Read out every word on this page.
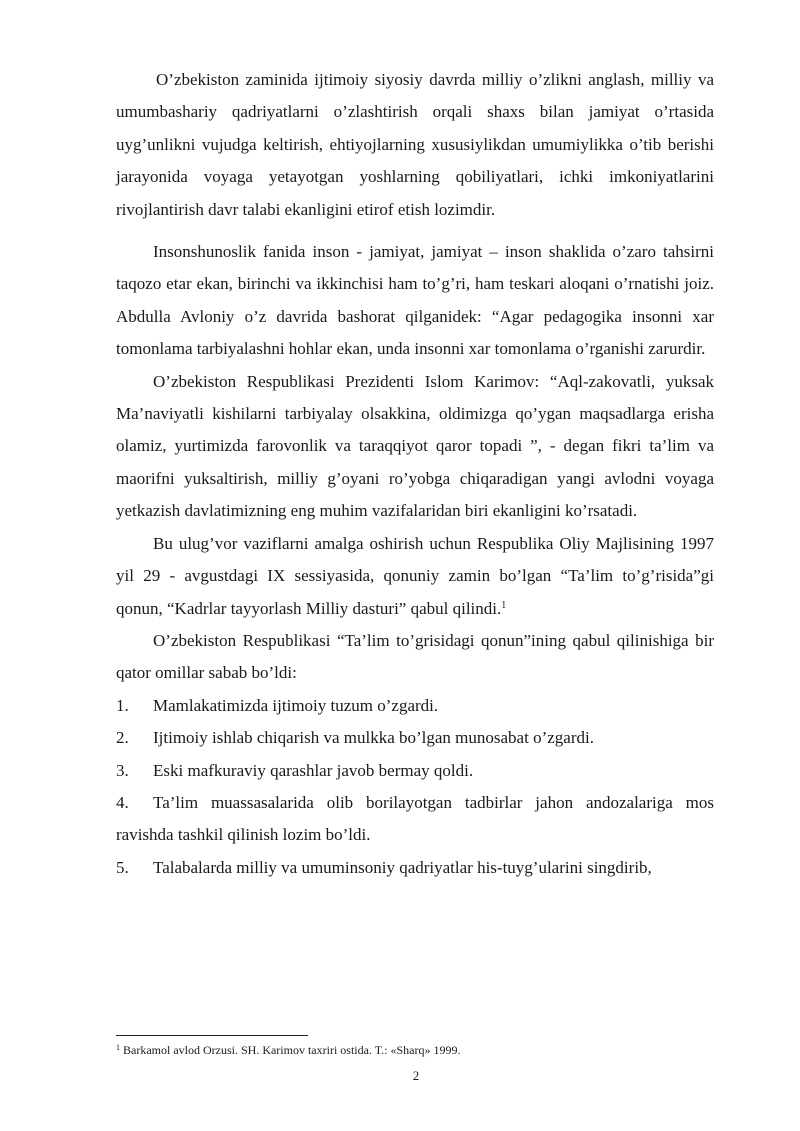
O’zbekiston zaminida ijtimoiy siyosiy davrda milliy o’zlikni anglash, milliy va umumbashariy qadriyatlarni o’zlashtirish orqali shaxs bilan jamiyat o’rtasida uyg’unlikni vujudga keltirish, ehtiyojlarning xususiylikdan umumiylikka o’tib berishi jarayonida voyaga yetayotgan yoshlarning qobiliyatlari, ichki imkoniyatlarini rivojlantirish davr talabi ekanligini etirof etish lozimdir.

Insonshunoslik fanida inson - jamiyat, jamiyat – inson shaklida o’zaro tahsirni taqozo etar ekan, birinchi va ikkinchisi ham to’g’ri, ham teskari aloqani o’rnatishi joiz. Abdulla Avloniy o’z davrida bashorat qilganidek: “Agar pedagogika insonni xar tomonlama tarbiyalashni hohlar ekan, unda insonni xar tomonlama o’rganishi zarurdir.

O’zbekiston Respublikasi Prezidenti Islom Karimov: “Aql-zakovatli, yuksak Ma’naviyatli kishilarni tarbiyalay olsakkina, oldimizga qo’ygan maqsadlarga erisha olamiz, yurtimizda farovonlik va taraqqiyot qaror topadi ”, - degan fikri ta’lim va maorifni yuksaltirish, milliy g’oyani ro’yobga chiqaradigan yangi avlodni voyaga yetkazish davlatimizning eng muhim vazifalaridan biri ekanligini ko’rsatadi.

Bu ulug’vor vaziflarni amalga oshirish uchun Respublika Oliy Majlisining 1997 yil 29 - avgustdagi IX sessiyasida, qonuniy zamin bo’lgan “Ta’lim to’g’risida”gi qonun, “Kadrlar tayyorlash Milliy dasturi” qabul qilindi.$^1$

O’zbekiston Respublikasi “Ta’lim to’grisidagi qonun”ining qabul qilinishiga bir qator omillar sabab bo’ldi:

1. Mamlakatimizda ijtimoiy tuzum o’zgardi.

2. Ijtimoiy ishlab chiqarish va mulkka bo’lgan munosabat o’zgardi.

3. Eski mafkuraviy qarashlar javob bermay qoldi.

4. Ta’lim muassasalarida olib borilayotgan tadbirlar jahon andozalariga mos ravishda tashkil qilinish lozim bo’ldi.

5. Talabalarda milliy va umuminsoniy qadriyatlar his-tuyg’ularini singdirib,

$^1$ Barkamol avlod Orzusi. SH. Karimov taxriri ostida. T.: «Sharq» 1999.
2
